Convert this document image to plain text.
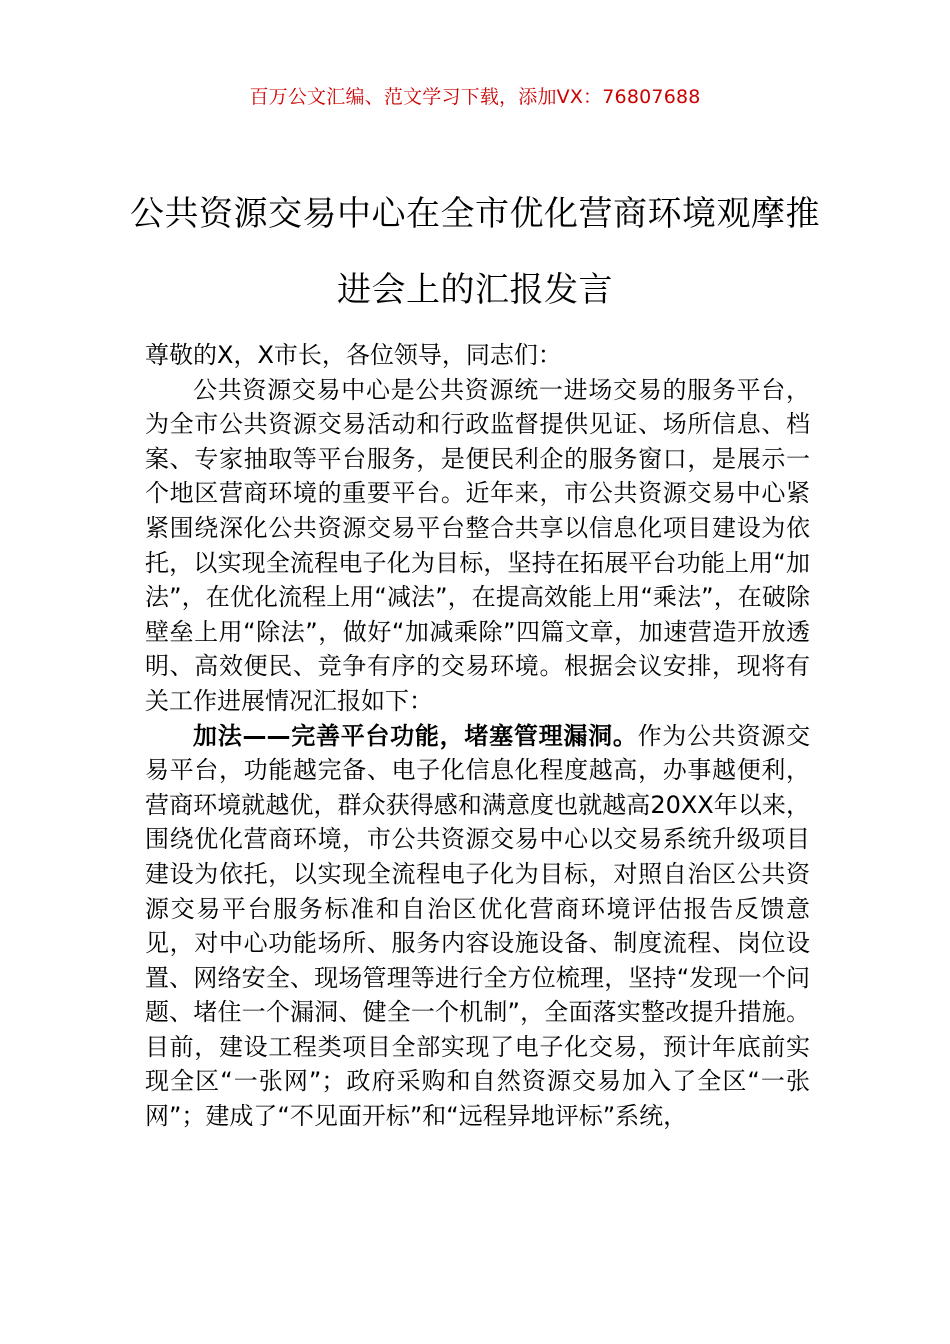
百万公文汇编、范文学习下载，添加VX：76807688
公共资源交易中心在全市优化营商环境观摩推进会上的汇报发言

尊敬的X，X市长，各位领导，同志们：

公共资源交易中心是公共资源统一进场交易的服务平台，为全市公共资源交易活动和行政监督提供见证、场所信息、档案、专家抽取等平台服务，是便民利企的服务窗口，是展示一个地区营商环境的重要平台。近年来，市公共资源交易中心紧紧围绕深化公共资源交易平台整合共享以信息化项目建设为依托，以实现全流程电子化为目标，坚持在拓展平台功能上用“加法”，在优化流程上用“减法”，在提高效能上用“乘法”，在破除壁垒上用“除法”，做好“加减乘除”四篇文章，加速营造开放透明、高效便民、竞争有序的交易环境。根据会议安排，现将有关工作进展情况汇报如下：

加法——完善平台功能，堵塞管理漏洞。作为公共资源交易平台，功能越完备、电子化信息化程度越高，办事越便利，营商环境就越优，群众获得感和满意度也就越高20XX年以来，围绕优化营商环境，市公共资源交易中心以交易系统升级项目建设为依托，以实现全流程电子化为目标，对照自治区公共资源交易平台服务标准和自治区优化营商环境评估报告反馈意见，对中心功能场所、服务内容设施设备、制度流程、岗位设置、网络安全、现场管理等进行全方位梳理，坚持“发现一个问题、堵住一个漏洞、健全一个机制”，全面落实整改提升措施。目前，建设工程类项目全部实现了电子化交易，预计年底前实现全区“一张网”；政府采购和自然资源交易加入了全区“一张网”；建成了“不见面开标”和“远程异地评标”系统，
